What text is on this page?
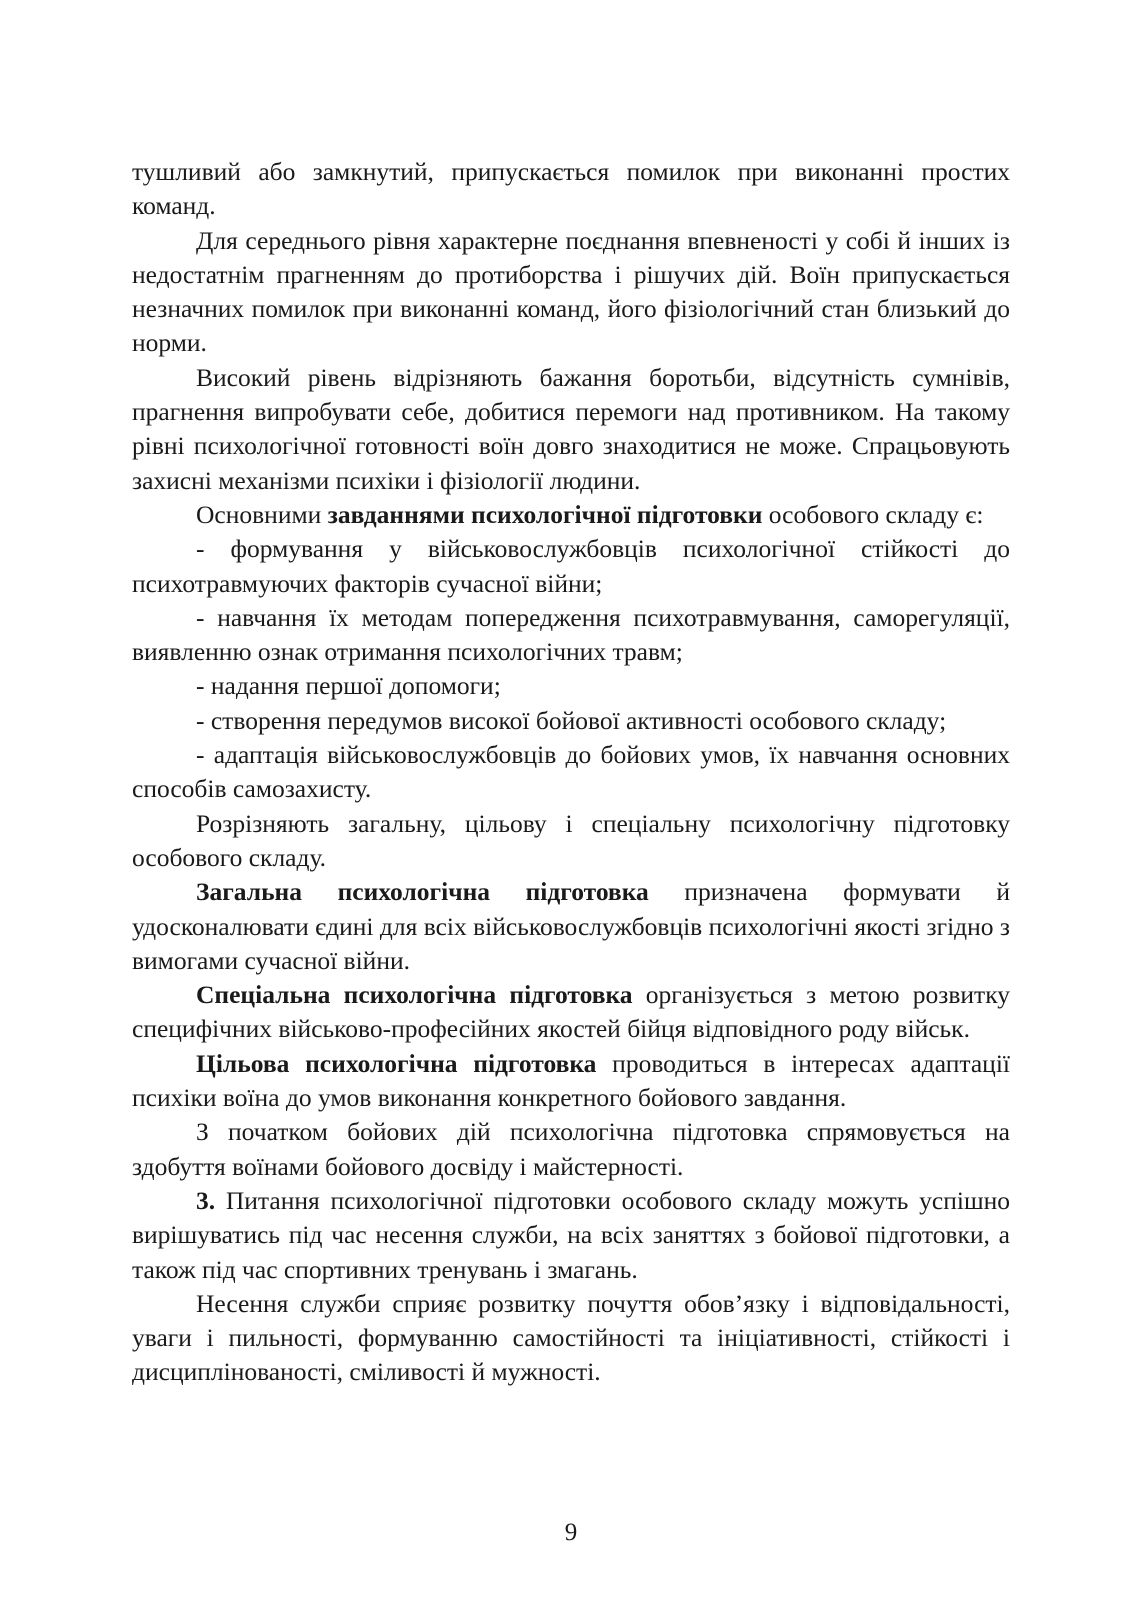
тушливий або замкнутий, припускається помилок при виконанні простих команд.

Для середнього рівня характерне поєднання впевненості у собі й інших із недостатнім прагненням до протиборства і рішучих дій. Воїн припускається незначних помилок при виконанні команд, його фізіологічний стан близький до норми.

Високий рівень відрізняють бажання боротьби, відсутність сумнівів, прагнення випробувати себе, добитися перемоги над противником. На такому рівні психологічної готовності воїн довго знаходитися не може. Спрацьовують захисні механізми психіки і фізіології людини.

Основними завданнями психологічної підготовки особового складу є:

- формування у військовослужбовців психологічної стійкості до психотравмуючих факторів сучасної війни;

- навчання їх методам попередження психотравмування, саморегуляції, виявленню ознак отримання психологічних травм;

- надання першої допомоги;

- створення передумов високої бойової активності особового складу;

- адаптація військовослужбовців до бойових умов, їх навчання основних способів самозахисту.

Розрізняють загальну, цільову і спеціальну психологічну підготовку особового складу.

Загальна психологічна підготовка призначена формувати й удосконалювати єдині для всіх військовослужбовців психологічні якості згідно з вимогами сучасної війни.

Спеціальна психологічна підготовка організується з метою розвитку специфічних військово-професійних якостей бійця відповідного роду військ.

Цільова психологічна підготовка проводиться в інтересах адаптації психіки воїна до умов виконання конкретного бойового завдання.

З початком бойових дій психологічна підготовка спрямовується на здобуття воїнами бойового досвіду і майстерності.

3. Питання психологічної підготовки особового складу можуть успішно вирішуватись під час несення служби, на всіх заняттях з бойової підготовки, а також під час спортивних тренувань і змагань.

Несення служби сприяє розвитку почуття обов’язку і відповідальності, уваги і пильності, формуванню самостійності та ініціативності, стійкості і дисциплінованості, сміливості й мужності.

9
